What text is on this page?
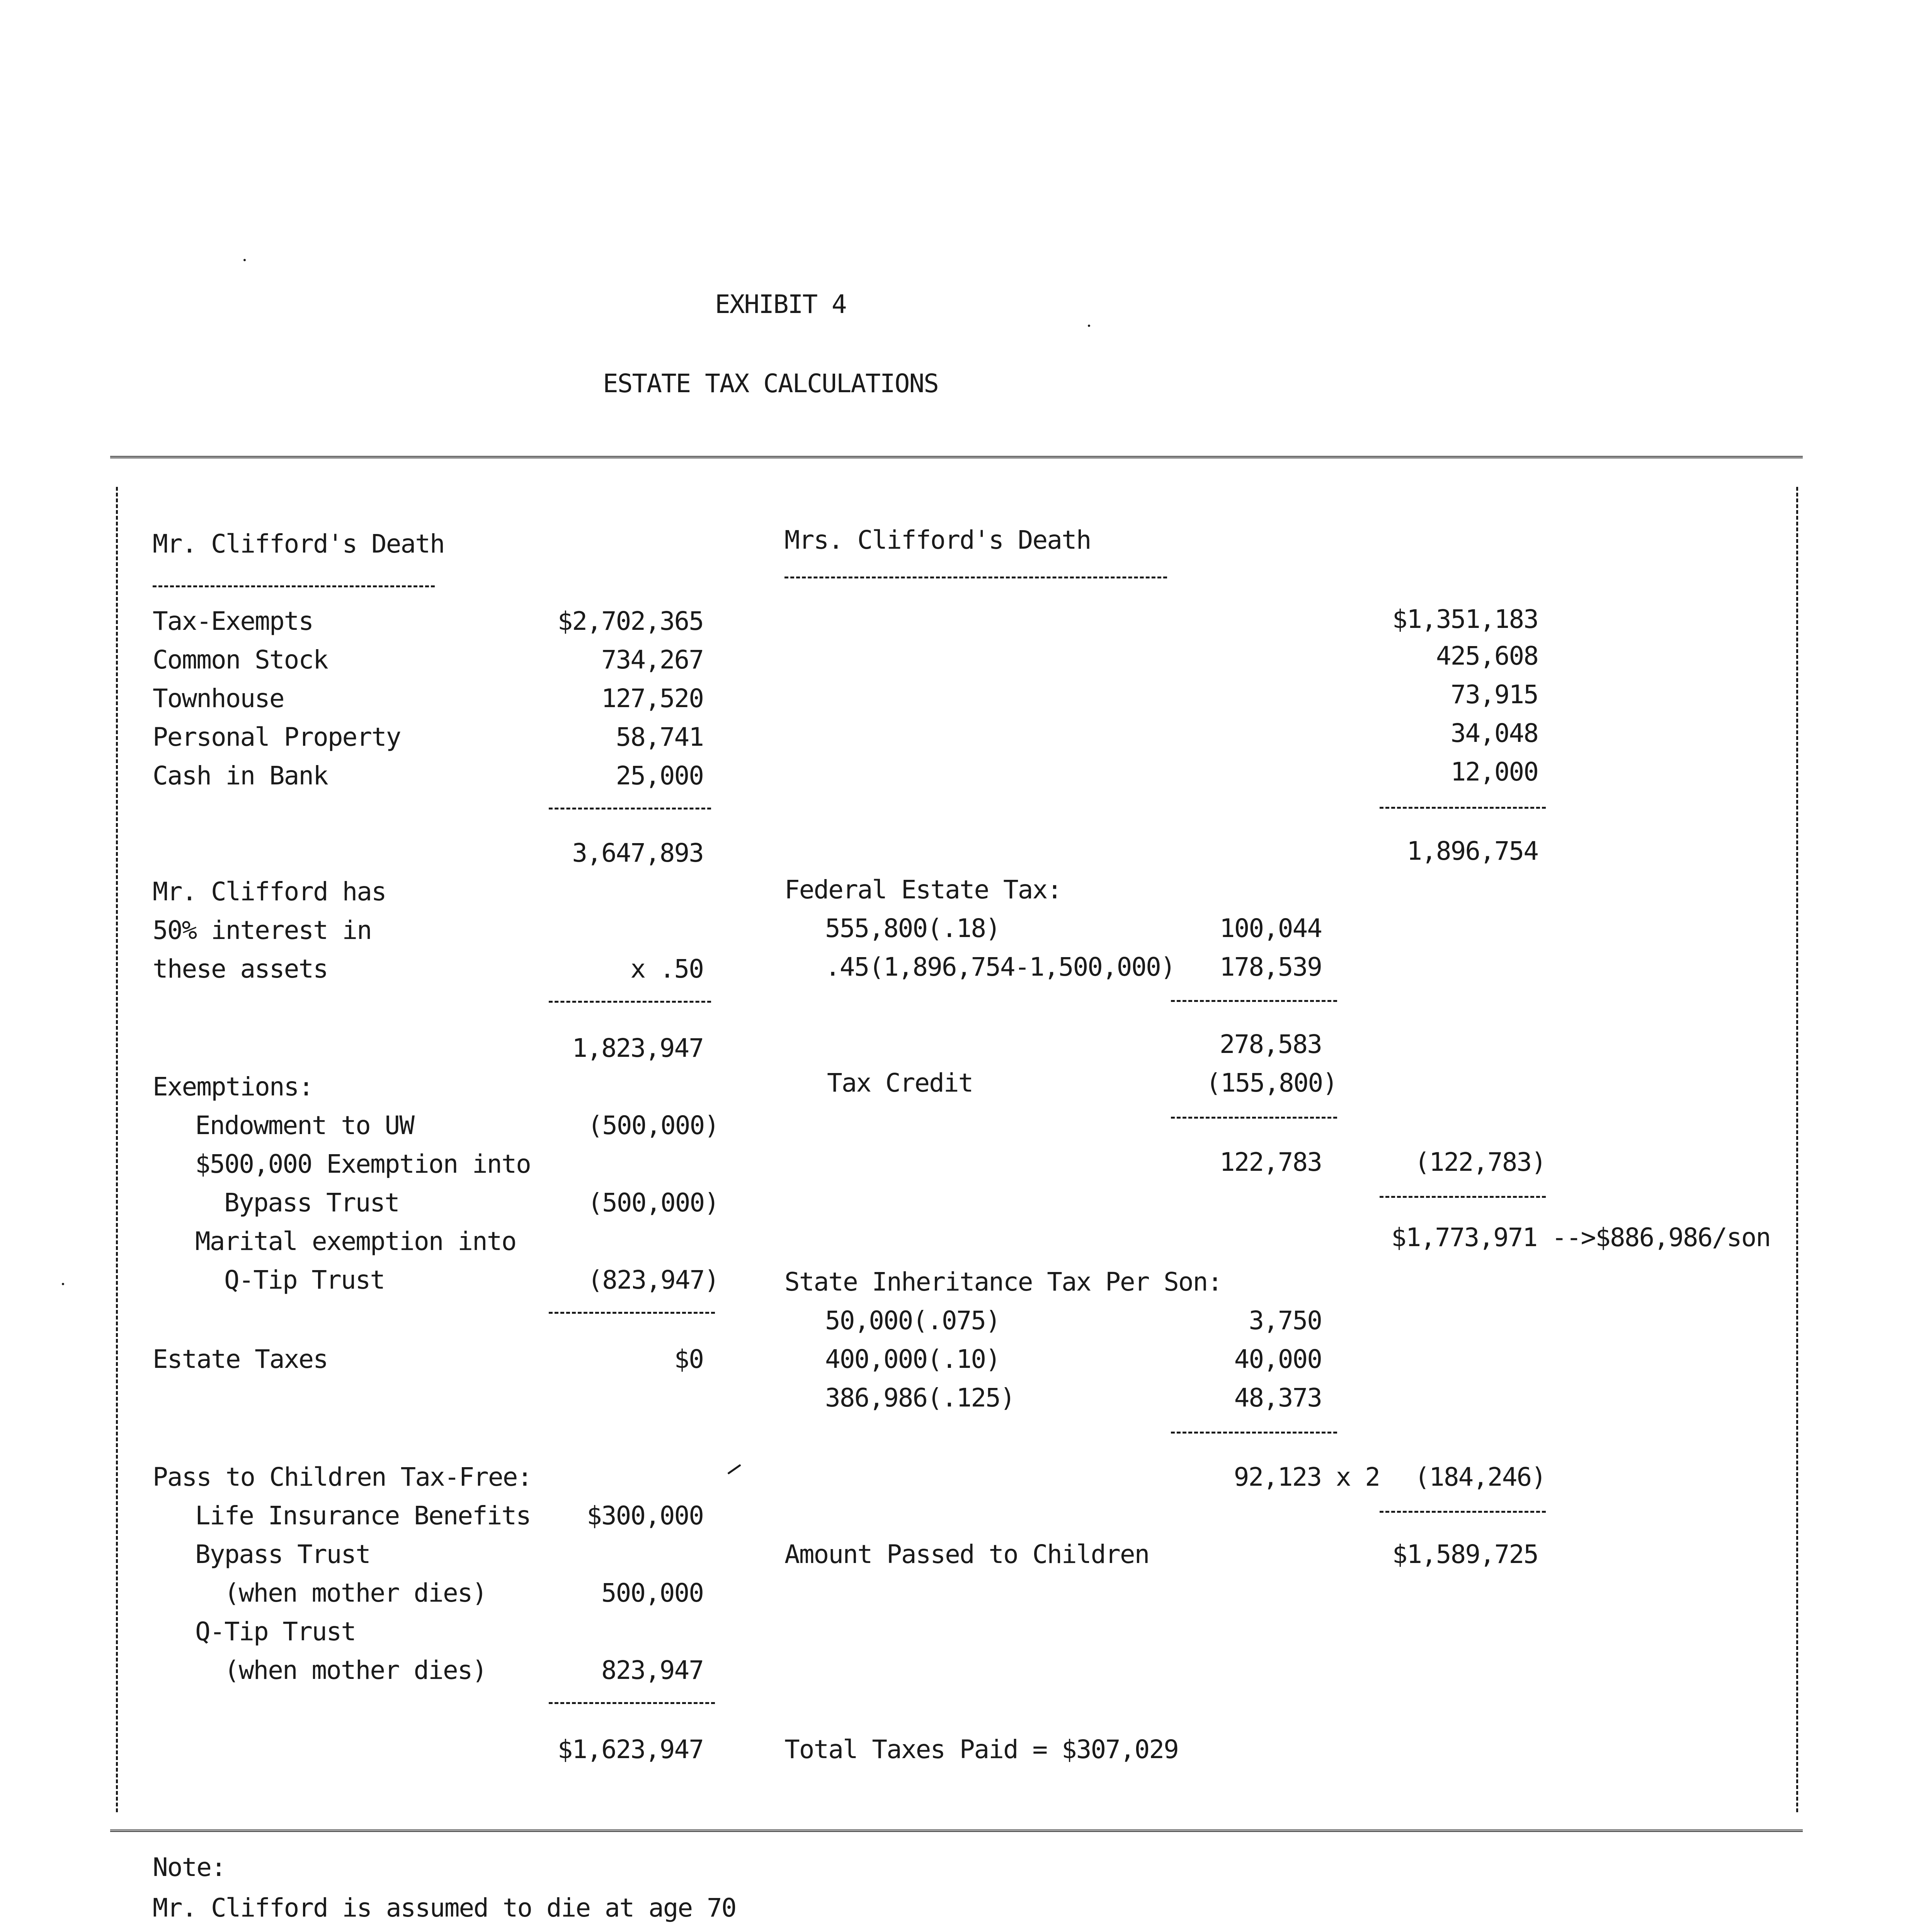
EXHIBIT 4
ESTATE TAX CALCULATIONS
Mr. Clifford's Death
Tax-Exempts	$2,702,365
Common Stock	734,267
Townhouse	127,520
Personal Property	58,741
Cash in Bank	25,000
3,647,893
Mr. Clifford has
50% interest in
these assets	x .50
1,823,947
Exemptions:
Endowment to UW	(500,000)
$500,000 Exemption into
Bypass Trust	(500,000)
Marital exemption into
Q-Tip Trust	(823,947)
Estate Taxes	$0
Pass to Children Tax-Free:
Life Insurance Benefits	$300,000
Bypass Trust
(when mother dies)	500,000
Q-Tip Trust
(when mother dies)	823,947
$1,623,947
Mrs. Clifford's Death
$1,351,183
425,608
73,915
34,048
12,000
1,896,754
Federal Estate Tax:
555,800(.18)	100,044
.45(1,896,754-1,500,000)	178,539
278,583
Tax Credit	(155,800)
122,783	(122,783)
$1,773,971 -->$886,986/son
State Inheritance Tax Per Son:
50,000(.075)	3,750
400,000(.10)	40,000
386,986(.125)	48,373
92,123 x 2	(184,246)
Amount Passed to Children	$1,589,725
Total Taxes Paid = $307,029
Note:
Mr. Clifford is assumed to die at age 70
